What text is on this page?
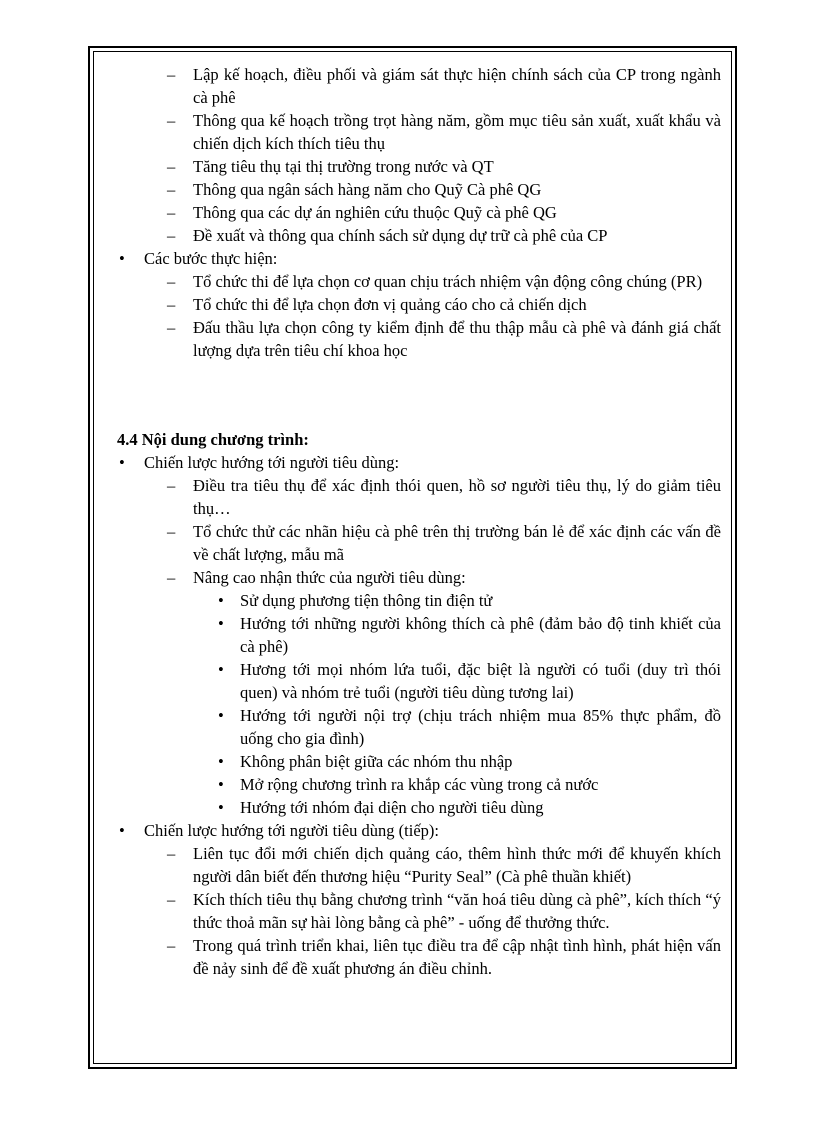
– Lập kế hoạch, điều phối và giám sát thực hiện chính sách của CP trong ngành cà phê
– Thông qua kế hoạch trồng trọt hàng năm, gồm mục tiêu sản xuất, xuất khẩu và chiến dịch kích thích tiêu thụ
– Tăng tiêu thụ tại thị trường trong nước và QT
– Thông qua ngân sách hàng năm cho Quỹ Cà phê QG
– Thông qua các dự án nghiên cứu thuộc Quỹ cà phê QG
– Đề xuất và thông qua chính sách sử dụng dự trữ cà phê của CP
• Các bước thực hiện:
– Tổ chức thi để lựa chọn cơ quan chịu trách nhiệm vận động công chúng (PR)
– Tổ chức thi để lựa chọn đơn vị quảng cáo cho cả chiến dịch
– Đấu thầu lựa chọn công ty kiểm định để thu thập mẫu cà phê và đánh giá chất lượng dựa trên tiêu chí khoa học
4.4 Nội dung chương trình:
• Chiến lược hướng tới người tiêu dùng:
– Điều tra tiêu thụ để xác định thói quen, hồ sơ người tiêu thụ, lý do giảm tiêu thụ…
– Tổ chức thử các nhãn hiệu cà phê trên thị trường bán lẻ để xác định các vấn đề về chất lượng, mẫu mã
– Nâng cao nhận thức của người tiêu dùng:
• Sử dụng phương tiện thông tin điện tử
• Hướng tới những người không thích cà phê (đảm bảo độ tinh khiết của cà phê)
• Hương tới mọi nhóm lứa tuổi, đặc biệt là người có tuổi (duy trì thói quen) và nhóm trẻ tuổi (người tiêu dùng tương lai)
• Hướng tới người nội trợ (chịu trách nhiệm mua 85% thực phẩm, đồ uống cho gia đình)
• Không phân biệt giữa các nhóm thu nhập
• Mở rộng chương trình ra khắp các vùng trong cả nước
• Hướng tới nhóm đại diện cho người tiêu dùng
• Chiến lược hướng tới người tiêu dùng (tiếp):
– Liên tục đổi mới chiến dịch quảng cáo, thêm hình thức mới để khuyến khích người dân biết đến thương hiệu “Purity Seal” (Cà phê thuần khiết)
– Kích thích tiêu thụ bằng chương trình “văn hoá tiêu dùng cà phê”, kích thích “ý thức thoả mãn sự hài lòng bằng cà phê” - uống để thưởng thức.
– Trong quá trình triển khai, liên tục điều tra để cập nhật tình hình, phát hiện vấn đề nảy sinh để đề xuất phương án điều chỉnh.
